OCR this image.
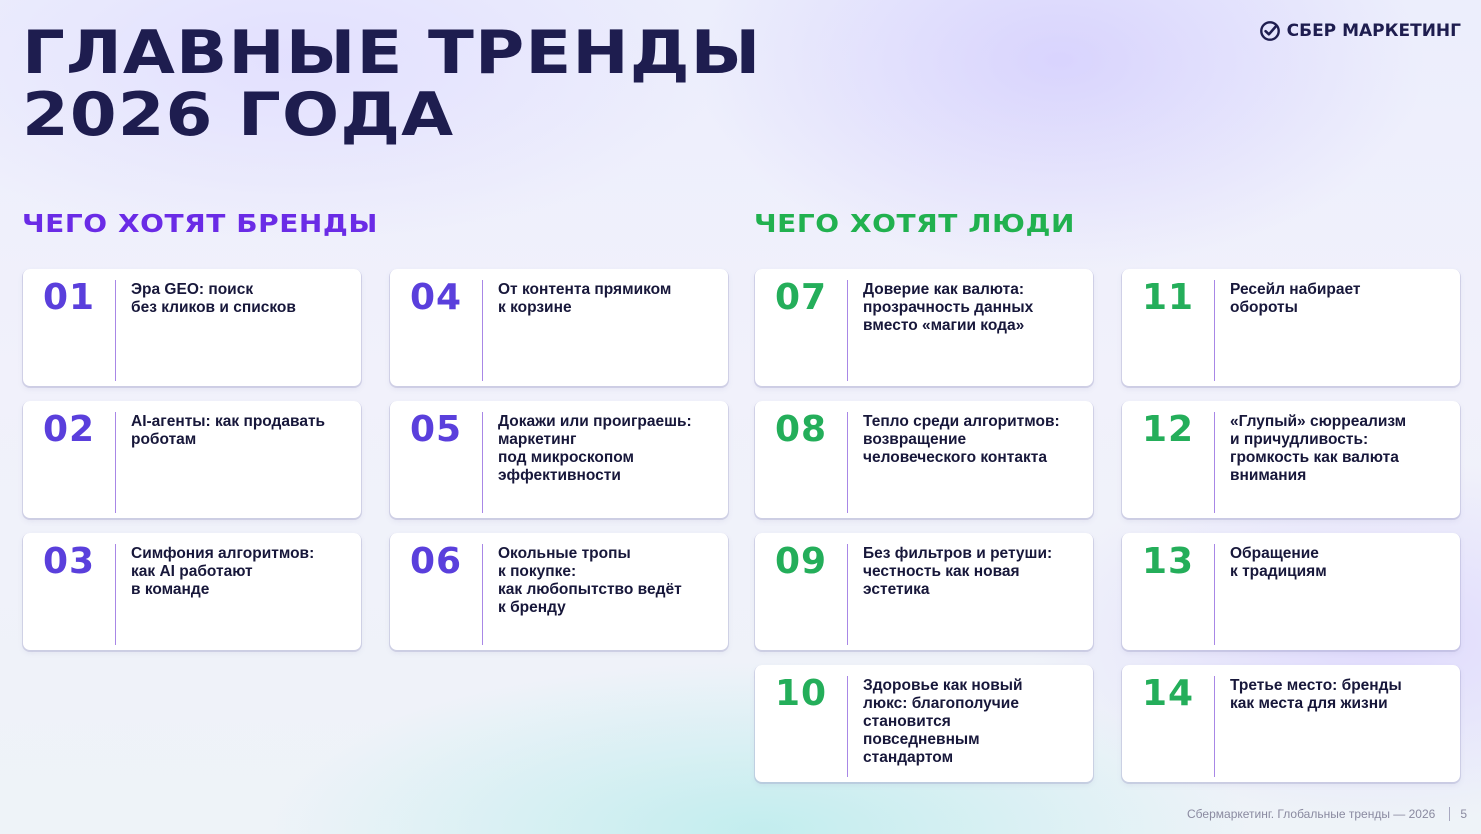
ГЛАВНЫЕ ТРЕНДЫ
2026 ГОДА
СБЕР МАРКЕТИНГ
ЧЕГО ХОТЯТ БРЕНДЫ	ЧЕГО ХОТЯТ ЛЮДИ
01	Эра GEO: поиск
без кликов и списков
02	AI-агенты: как продавать
роботам
03	Симфония алгоритмов:
как AI работают
в команде
04	От контента прямиком
к корзине
05	Докажи или проиграешь:
маркетинг
под микроскопом
эффективности
06	Окольные тропы
к покупке:
как любопытство ведёт
к бренду
07	Доверие как валюта:
прозрачность данных
вместо «магии кода»
08	Тепло среди алгоритмов:
возвращение
человеческого контакта
09	Без фильтров и ретуши:
честность как новая
эстетика
10	Здоровье как новый
люкс: благополучие
становится
повседневным
стандартом
11	Ресейл набирает
обороты
12	«Глупый» сюрреализм
и причудливость:
громкость как валюта
внимания
13	Обращение
к традициям
14	Третье место: бренды
как места для жизни
Сбермаркетинг. Глобальные тренды — 2026 5
